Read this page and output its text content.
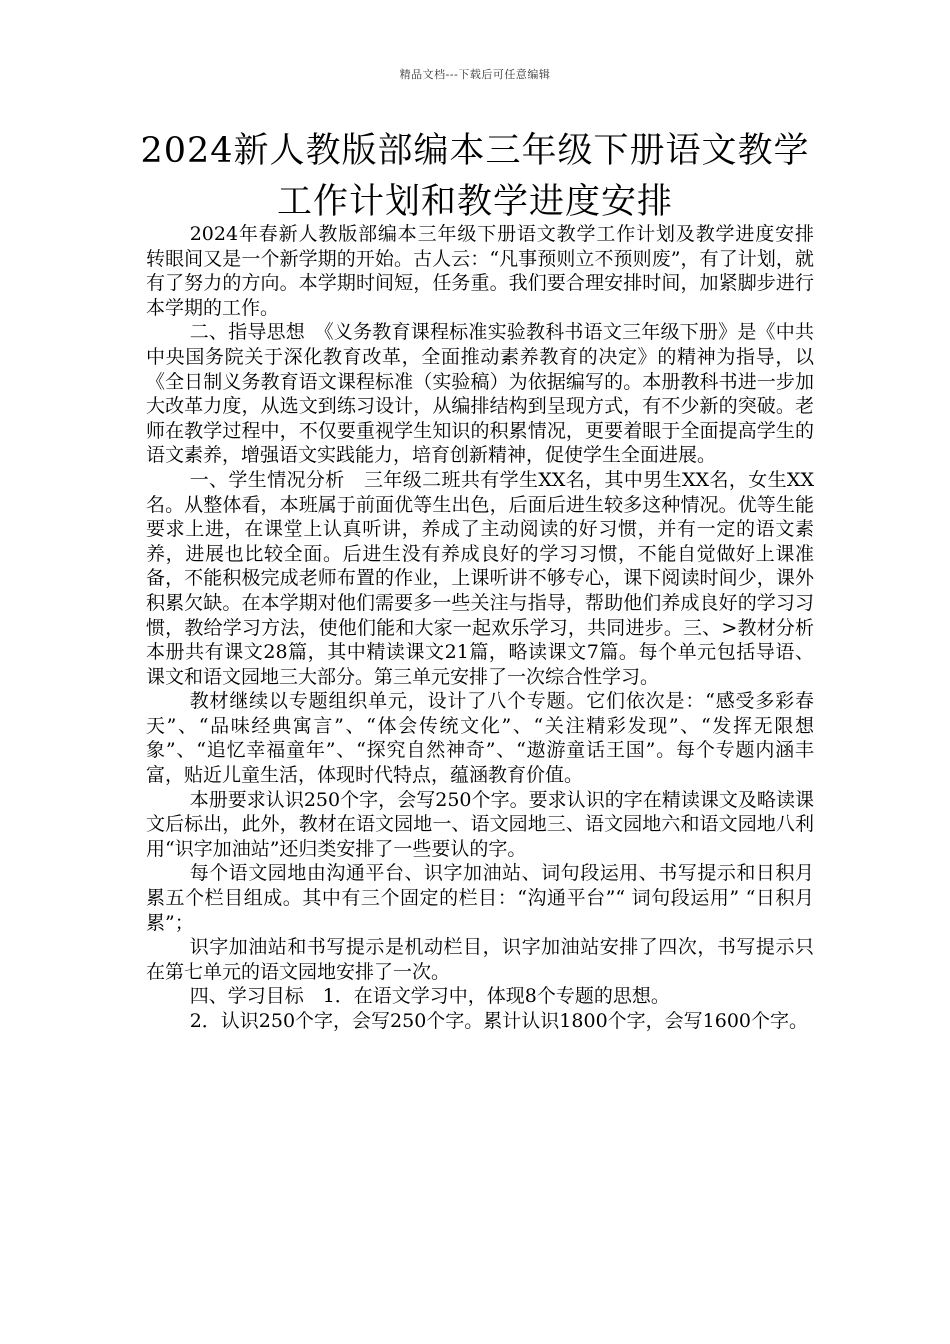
精品文档---下载后可任意编辑
2024新人教版部编本三年级下册语文教学工作计划和教学进度安排

2024年春新人教版部编本三年级下册语文教学工作计划及教学进度安排　　转眼间又是一个新学期的开始。古人云：“凡事预则立不预则废”，有了计划，就有了努力的方向。本学期时间短，任务重。我们要合理安排时间，加紧脚步进行本学期的工作。

二、指导思想　《义务教育课程标准实验教科书语文三年级下册》是《中共中央国务院关于深化教育改革，全面推动素养教育的决定》的精神为指导，以《全日制义务教育语文课程标准（实验稿）为依据编写的。本册教科书进一步加大改革力度，从选文到练习设计，从编排结构到呈现方式，有不少新的突破。老师在教学过程中，不仅要重视学生知识的积累情况，更要着眼于全面提高学生的语文素养，增强语文实践能力，培育创新精神，促使学生全面进展。

一、学生情况分析　三年级二班共有学生XX名，其中男生XX名，女生XX名。从整体看，本班属于前面优等生出色，后面后进生较多这种情况。优等生能要求上进，在课堂上认真听讲，养成了主动阅读的好习惯，并有一定的语文素养，进展也比较全面。后进生没有养成良好的学习习惯，不能自觉做好上课准备，不能积极完成老师布置的作业，上课听讲不够专心，课下阅读时间少，课外积累欠缺。在本学期对他们需要多一些关注与指导，帮助他们养成良好的学习习惯，教给学习方法，使他们能和大家一起欢乐学习，共同进步。三、>教材分析　本册共有课文28篇，其中精读课文21篇，略读课文7篇。每个单元包括导语、课文和语文园地三大部分。第三单元安排了一次综合性学习。

教材继续以专题组织单元，设计了八个专题。它们依次是：“感受多彩春天”、“品味经典寓言”、“体会传统文化”、“关注精彩发现”、“发挥无限想象”、“追忆幸福童年”、“探究自然神奇”、“遨游童话王国”。每个专题内涵丰富，贴近儿童生活，体现时代特点，蕴涵教育价值。

本册要求认识250个字，会写250个字。要求认识的字在精读课文及略读课文后标出，此外，教材在语文园地一、语文园地三、语文园地六和语文园地八利用“识字加油站”还归类安排了一些要认的字。

每个语文园地由沟通平台、识字加油站、词句段运用、书写提示和日积月累五个栏目组成。其中有三个固定的栏目：“沟通平台”“ 词句段运用” “日积月累”；

识字加油站和书写提示是机动栏目，识字加油站安排了四次，书写提示只在第七单元的语文园地安排了一次。

四、学习目标　1．在语文学习中，体现8个专题的思想。

2．认识250个字，会写250个字。累计认识1800个字，会写1600个字。
